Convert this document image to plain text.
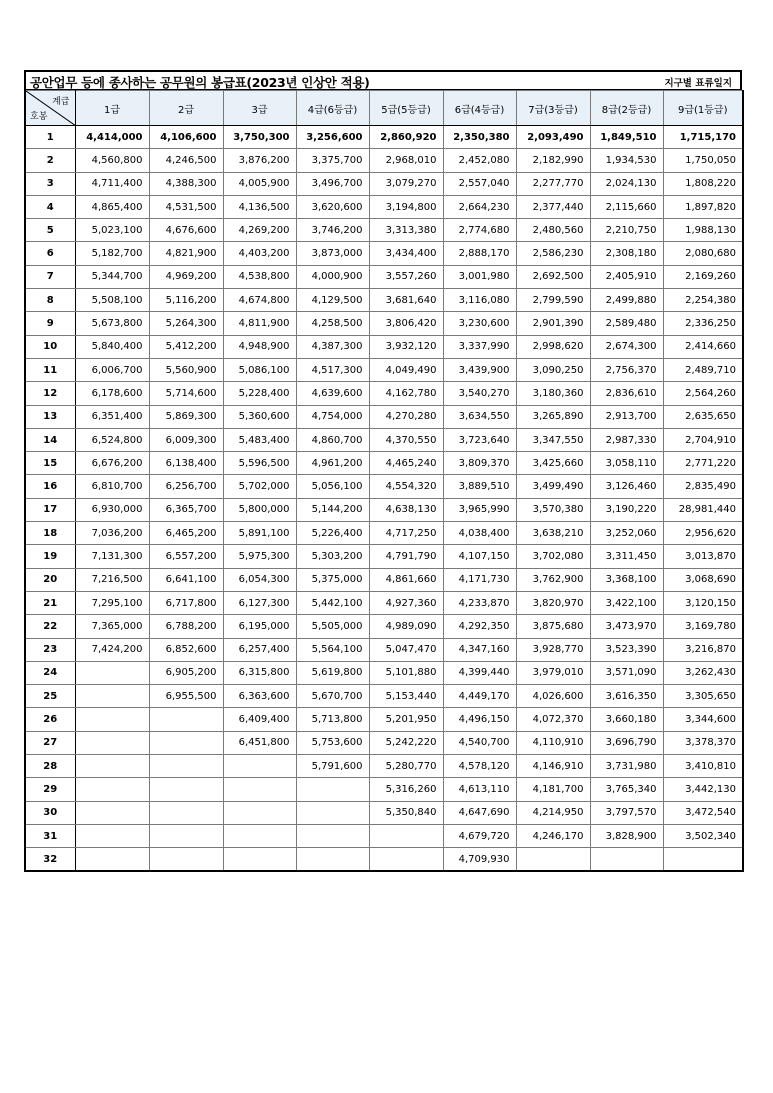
공안업무 등에 종사하는 공무원의 봉급표(2023년 인상안 적용)	지구별 표류일지
계급
호봉	1급	2급	3급	4급(6등급)	5급(5등급)	6급(4등급)	7급(3등급)	8급(2등급)	9급(1등급)
1	4,414,000	4,106,600	3,750,300	3,256,600	2,860,920	2,350,380	2,093,490	1,849,510	1,715,170
2	4,560,800	4,246,500	3,876,200	3,375,700	2,968,010	2,452,080	2,182,990	1,934,530	1,750,050
3	4,711,400	4,388,300	4,005,900	3,496,700	3,079,270	2,557,040	2,277,770	2,024,130	1,808,220
4	4,865,400	4,531,500	4,136,500	3,620,600	3,194,800	2,664,230	2,377,440	2,115,660	1,897,820
5	5,023,100	4,676,600	4,269,200	3,746,200	3,313,380	2,774,680	2,480,560	2,210,750	1,988,130
6	5,182,700	4,821,900	4,403,200	3,873,000	3,434,400	2,888,170	2,586,230	2,308,180	2,080,680
7	5,344,700	4,969,200	4,538,800	4,000,900	3,557,260	3,001,980	2,692,500	2,405,910	2,169,260
8	5,508,100	5,116,200	4,674,800	4,129,500	3,681,640	3,116,080	2,799,590	2,499,880	2,254,380
9	5,673,800	5,264,300	4,811,900	4,258,500	3,806,420	3,230,600	2,901,390	2,589,480	2,336,250
10	5,840,400	5,412,200	4,948,900	4,387,300	3,932,120	3,337,990	2,998,620	2,674,300	2,414,660
11	6,006,700	5,560,900	5,086,100	4,517,300	4,049,490	3,439,900	3,090,250	2,756,370	2,489,710
12	6,178,600	5,714,600	5,228,400	4,639,600	4,162,780	3,540,270	3,180,360	2,836,610	2,564,260
13	6,351,400	5,869,300	5,360,600	4,754,000	4,270,280	3,634,550	3,265,890	2,913,700	2,635,650
14	6,524,800	6,009,300	5,483,400	4,860,700	4,370,550	3,723,640	3,347,550	2,987,330	2,704,910
15	6,676,200	6,138,400	5,596,500	4,961,200	4,465,240	3,809,370	3,425,660	3,058,110	2,771,220
16	6,810,700	6,256,700	5,702,000	5,056,100	4,554,320	3,889,510	3,499,490	3,126,460	2,835,490
17	6,930,000	6,365,700	5,800,000	5,144,200	4,638,130	3,965,990	3,570,380	3,190,220	28,981,440
18	7,036,200	6,465,200	5,891,100	5,226,400	4,717,250	4,038,400	3,638,210	3,252,060	2,956,620
19	7,131,300	6,557,200	5,975,300	5,303,200	4,791,790	4,107,150	3,702,080	3,311,450	3,013,870
20	7,216,500	6,641,100	6,054,300	5,375,000	4,861,660	4,171,730	3,762,900	3,368,100	3,068,690
21	7,295,100	6,717,800	6,127,300	5,442,100	4,927,360	4,233,870	3,820,970	3,422,100	3,120,150
22	7,365,000	6,788,200	6,195,000	5,505,000	4,989,090	4,292,350	3,875,680	3,473,970	3,169,780
23	7,424,200	6,852,600	6,257,400	5,564,100	5,047,470	4,347,160	3,928,770	3,523,390	3,216,870
24		6,905,200	6,315,800	5,619,800	5,101,880	4,399,440	3,979,010	3,571,090	3,262,430
25		6,955,500	6,363,600	5,670,700	5,153,440	4,449,170	4,026,600	3,616,350	3,305,650
26			6,409,400	5,713,800	5,201,950	4,496,150	4,072,370	3,660,180	3,344,600
27			6,451,800	5,753,600	5,242,220	4,540,700	4,110,910	3,696,790	3,378,370
28				5,791,600	5,280,770	4,578,120	4,146,910	3,731,980	3,410,810
29					5,316,260	4,613,110	4,181,700	3,765,340	3,442,130
30					5,350,840	4,647,690	4,214,950	3,797,570	3,472,540
31						4,679,720	4,246,170	3,828,900	3,502,340
32						4,709,930			
